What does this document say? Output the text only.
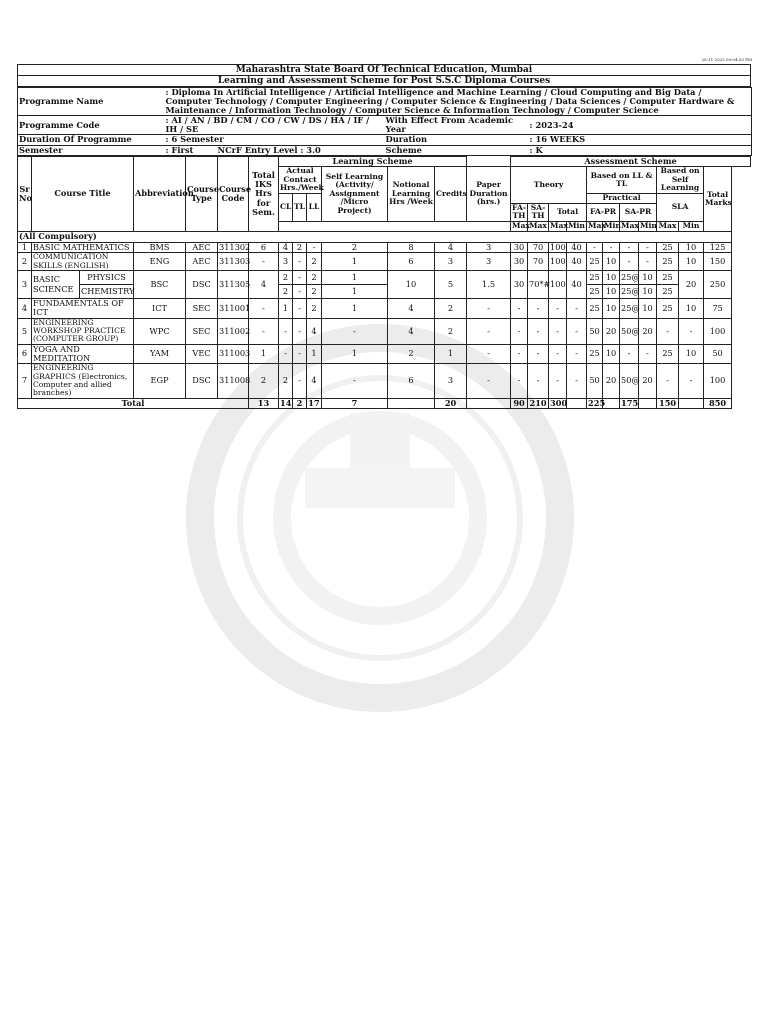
28-11-2025 09:04:53 PM
Maharashtra State Board Of Technical Education, Mumbai
Learning and Assessment Scheme for Post S.S.C Diploma Courses
Programme Name	: Diploma In Artificial Intelligence / Artificial Intelligence and Machine Learning / Cloud Computing and Big Data / Computer Technology / Computer Engineering / Computer Science & Engineering / Data Sciences / Computer Hardware & Maintenance / Information Technology / Computer Science & Information Technology / Computer Science			
Programme Code	: AI / AN / BD / CM / CO / CW / DS / HA / IF / IH / SE		With Effect From Academic Year	: 2023-24
Duration Of Programme	: 6 Semester		Duration	: 16 WEEKS
Semester	: First	NCrF Entry Level : 3.0	Scheme	: K
Sr No	Course Title		Abbreviation	Course Type	Course Code	Total IKS Hrs for Sem.	Learning Scheme							Assessment Scheme										
							Actual Contact Hrs./Week			Self Learning (Activity/ Assignment /Micro Project)	Notional Learning Hrs /Week	Credits	Paper Duration (hrs.)	Theory				Based on LL & TL				Based on Self Learning		Total Marks

							CL	TL	LL									Practical				SLA		
														FA-TH	SA-TH	Total		FA-PR		SA-PR				
														Max	Max	Max	Min	Max	Min	Max	Min	Max	Min	
(All Compulsory)																								
1	BASIC MATHEMATICS		BMS	AEC	311302	6	4	2	-	2	8	4	3	30	70	100	40	-	-	-	-	25	10	125
2	COMMUNICATION SKILLS (ENGLISH)		ENG	AEC	311303	-	3	-	2	1	6	3	3	30	70	100	40	25	10	-	-	25	10	150
3	BASIC SCIENCE	PHYSICS	BSC	DSC	311305	4	2	-	2	1	10	5	1.5	30	70*#	100	40	25	10	25@	10	25	20	250
		CHEMISTRY					2	-	2	1								25	10	25@	10	25		
4	FUNDAMENTALS OF ICT		ICT	SEC	311001	-	1	-	2	1	4	2	-	-	-	-	-	25	10	25@	10	25	10	75
5	ENGINEERING WORKSHOP PRACTICE (COMPUTER GROUP)		WPC	SEC	311002	-	-	-	4	-	4	2	-	-	-	-	-	50	20	50@	20	-	-	100
6	YOGA AND MEDITATION		YAM	VEC	311003	1	-	-	1	1	2	1	-	-	-	-	-	25	10	-	-	25	10	50
7	ENGINEERING GRAPHICS (Electronics, Computer and allied branches)		EGP	DSC	311008	2	2	-	4	-	6	3	-	-	-	-	-	50	20	50@	20	-	-	100
Total						13	14	2	17	7		20		90	210	300		225		175		150		850
